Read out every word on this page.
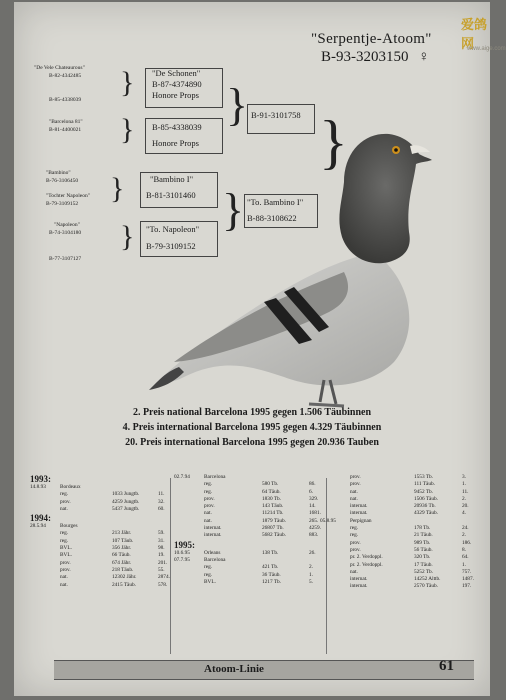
爱鸽网
www.aige.com
"Serpentje-Atoom"
B-93-3203150 ♀
"De Vele Chateaurous"
B-82-4342485
B-85-4338039
"Barcelona 81"
B-81-4400021
"Bambino"
B-76-3106450
"Tochter Napoleon"
B-79-3109152
"Napoleon"
B-74-3104180
B-77-3107127
}
}
}
}
"De Schonen"
B-87-4374890
Honore Props
B-85-4338039
Honore Props
"Bambino I"
B-81-3101460
"To. Napoleon"
B-79-3109152
}
}
B-91-3101758
"To. Bambino I"
B-88-3108622
}
2. Preis national Barcelona 1995 gegen 1.506 Täubinnen
4. Preis international Barcelona 1995 gegen 4.329 Täubinnen
20. Preis international Barcelona 1995 gegen 20.936 Tauben
1993:
14.8.93	Bordeaux
reg.	1033 Jungtb.	11.
prov.	4259 Jungtb.	32.
nat.	5437 Jungtb.	60.
1994:
28.5.94	Bourges
reg.	213 Jähr.	59.
reg.	107 Täub.	31.
BVL.	356 Jähr.	98.
BVL.	66 Täub.	19.
prov.	674 Jähr.	201.
prov.	218 Täub.	55.
nat.	12302 Jähr.	2874.
nat.	2415 Täub.	578.
02.7.94	Barcelona
reg.	580 Tb.	86.
reg.	64 Täub.	6.
prov.	1830 Tb.	329.
prov.	143 Täub.	14.
nat.	11214 Tb.	1681.
nat.	1879 Täub.	265.
internat.	26807 Tb.	4259.
internat.	5682 Täub.	883.
1995:
10.6.95	Orleans	138 Tb.	26.
07.7.95	Barcelona
reg.	421 Tb.	2.
reg.	36 Täub.	1.
BVL.	1217 Tb.	5.
prov.	1553 Tb.	3.
prov.	111 Täub.	1.
nat.	9452 Tb.	11.
nat.	1506 Täub.	2.
internat.	20936 Tb.	20.
internat.	4329 Täub.	4.
05.8.95	Perpignan
reg.	178 Tb.	24.
reg.	21 Täub.	2.
prov.	989 Tb.	186.
prov.	56 Täub.	8.
pr. 2. Verdoppl.	320 Tb.	64.
pr. 2. Verdoppl.	17 Täub.	1.
nat.	5252 Tb.	757.
internat.	14252 Alttb.	1487.
internat.	2570 Täub.	197.
Atoom-Linie	61
